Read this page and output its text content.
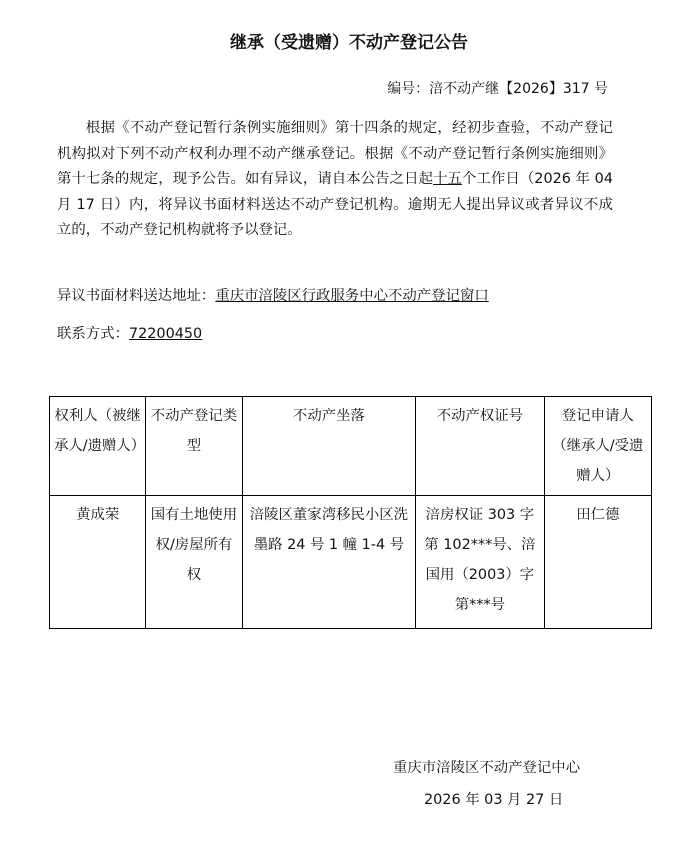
继承（受遗赠）不动产登记公告
编号：涪不动产继【2026】317 号
根据《不动产登记暂行条例实施细则》第十四条的规定，经初步查验，不动产登记机构拟对下列不动产权利办理不动产继承登记。根据《不动产登记暂行条例实施细则》第十七条的规定，现予公告。如有异议，请自本公告之日起十五个工作日（2026 年 04 月 17 日）内，将异议书面材料送达不动产登记机构。逾期无人提出异议或者异议不成立的，不动产登记机构就将予以登记。
异议书面材料送达地址：重庆市涪陵区行政服务中心不动产登记窗口
联系方式：72200450
权利人（被继承人/遗赠人）	不动产登记类型	不动产坐落	不动产权证号	登记申请人（继承人/受遗赠人）
黄成荣	国有土地使用权/房屋所有权	涪陵区董家湾移民小区洗墨路 24 号 1 幢 1-4 号	涪房权证 303 字第 102***号、涪国用（2003）字第***号	田仁德
重庆市涪陵区不动产登记中心
2026 年 03 月 27 日
